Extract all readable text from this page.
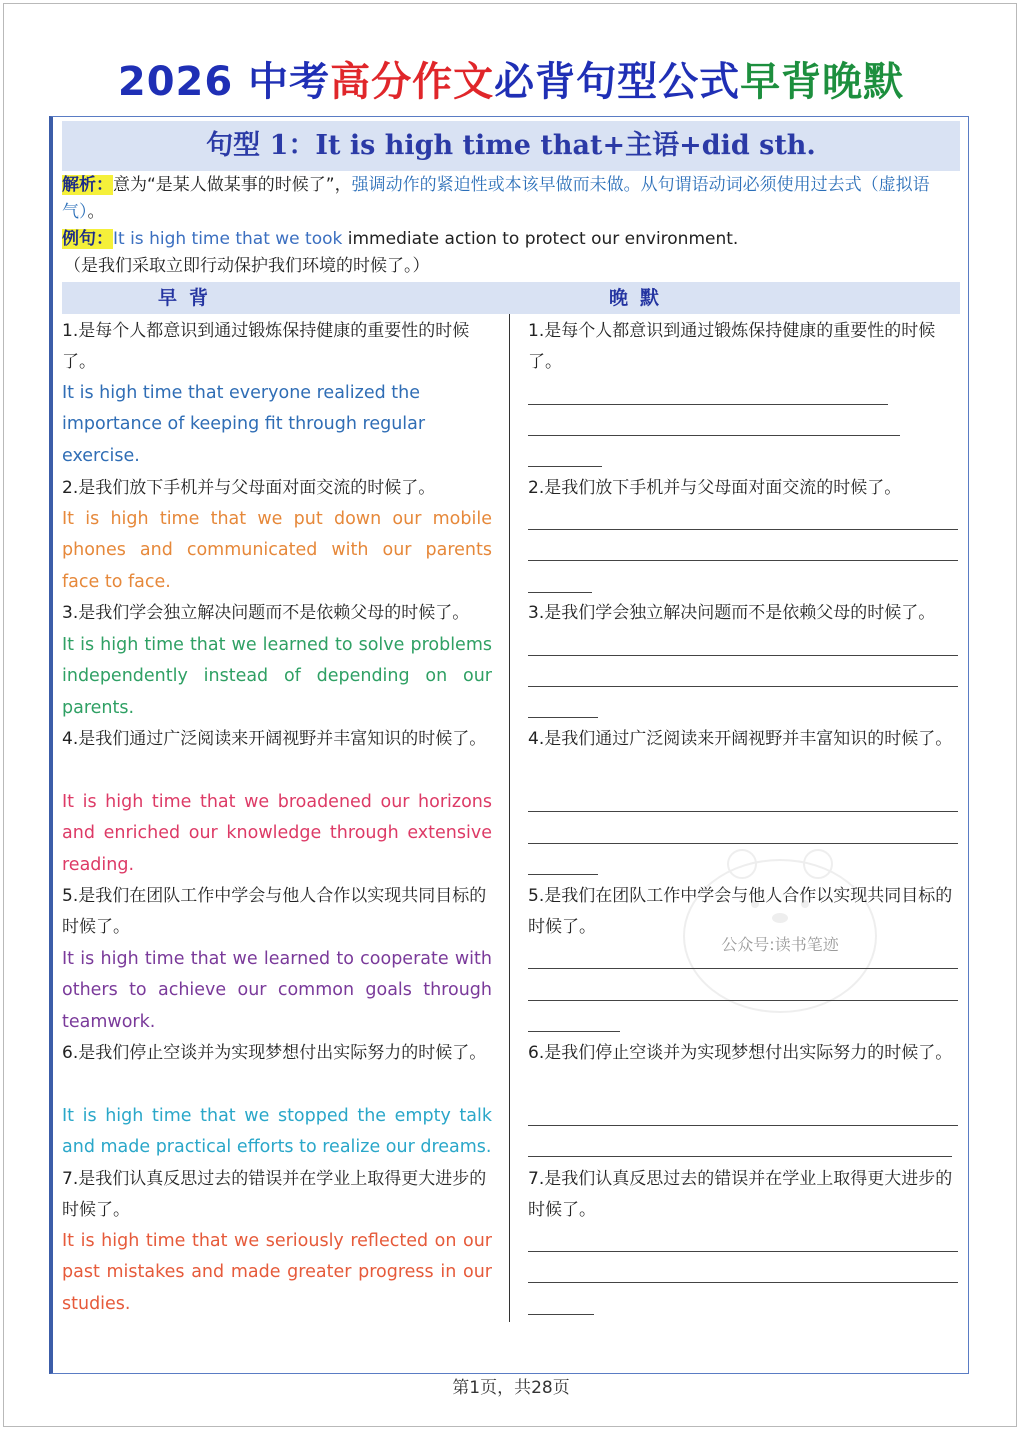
2026 中考高分作文必背句型公式早背晚默
句型 1：It is high time that+主语+did sth.
解析：意为“是某人做某事的时候了”，强调动作的紧迫性或本该早做而未做。从句谓语动词必须使用过去式（虚拟语气）。
例句：It is high time that we took immediate action to protect our environment.
（是我们采取立即行动保护我们环境的时候了。）
早背	晚默

1.是每个人都意识到通过锻炼保持健康的重要性的时候了。

It is high time that everyone realized the importance of keeping fit through regular exercise.

2.是我们放下手机并与父母面对面交流的时候了。

It is high time that we put down our mobile phones and communicated with our parents face to face.

3.是我们学会独立解决问题而不是依赖父母的时候了。

It is high time that we learned to solve problems independently instead of depending on our parents.

4.是我们通过广泛阅读来开阔视野并丰富知识的时候了。

It is high time that we broadened our horizons and enriched our knowledge through extensive reading.

5.是我们在团队工作中学会与他人合作以实现共同目标的时候了。

It is high time that we learned to cooperate with others to achieve our common goals through teamwork.

6.是我们停止空谈并为实现梦想付出实际努力的时候了。

It is high time that we stopped the empty talk and made practical efforts to realize our dreams.

7.是我们认真反思过去的错误并在学业上取得更大进步的时候了。

It is high time that we seriously reflected on our past mistakes and made greater progress in our studies.

1.是每个人都意识到通过锻炼保持健康的重要性的时候了。

2.是我们放下手机并与父母面对面交流的时候了。

3.是我们学会独立解决问题而不是依赖父母的时候了。

4.是我们通过广泛阅读来开阔视野并丰富知识的时候了。

公众号:读书笔迹

5.是我们在团队工作中学会与他人合作以实现共同目标的时候了。

6.是我们停止空谈并为实现梦想付出实际努力的时候了。

7.是我们认真反思过去的错误并在学业上取得更大进步的时候了。

第1页，共28页
